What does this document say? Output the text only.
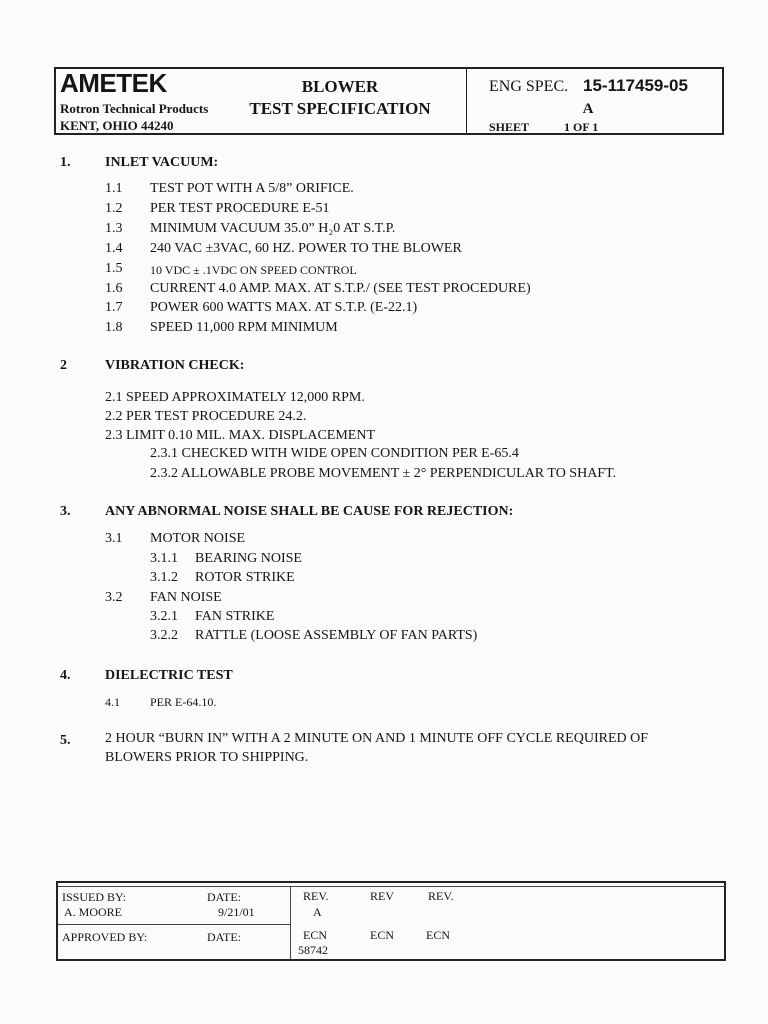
AMETEK
Rotron Technical Products
KENT, OHIO 44240
BLOWER
TEST SPECIFICATION
ENG SPEC. 15-117459-05
A
SHEET	1 OF 1
1. INLET VACUUM:
1.1 TEST POT WITH A 5/8” ORIFICE.
1.2 PER TEST PROCEDURE E-51
1.3 MINIMUM VACUUM 35.0” H₂0 AT S.T.P.
1.4 240 VAC ±3VAC, 60 HZ. POWER TO THE BLOWER
1.5 10 VDC ± .1VDC ON SPEED CONTROL
1.6 CURRENT 4.0 AMP. MAX. AT S.T.P./ (SEE TEST PROCEDURE)
1.7 POWER 600 WATTS MAX. AT S.T.P. (E-22.1)
1.8 SPEED 11,000 RPM MINIMUM
2	VIBRATION CHECK:
2.1 SPEED APPROXIMATELY 12,000 RPM.
2.2 PER TEST PROCEDURE 24.2.
2.3 LIMIT 0.10 MIL. MAX. DISPLACEMENT
2.3.1 CHECKED WITH WIDE OPEN CONDITION PER E-65.4
2.3.2 ALLOWABLE PROBE MOVEMENT ± 2° PERPENDICULAR TO SHAFT.
3. ANY ABNORMAL NOISE SHALL BE CAUSE FOR REJECTION:
3.1 MOTOR NOISE
3.1.1 BEARING NOISE
3.1.2 ROTOR STRIKE
3.2 FAN NOISE
3.2.1 FAN STRIKE
3.2.2 RATTLE (LOOSE ASSEMBLY OF FAN PARTS)
4. DIELECTRIC TEST
4.1	PER E-64.10.
5. 2 HOUR “BURN IN” WITH A 2 MINUTE ON AND 1 MINUTE OFF CYCLE REQUIRED OF
BLOWERS PRIOR TO SHIPPING.
ISSUED BY:
A. MOORE
DATE:
9/21/01
APPROVED BY:	DATE:
REV.	REV	REV.
A
ECN	ECN	ECN
58742
